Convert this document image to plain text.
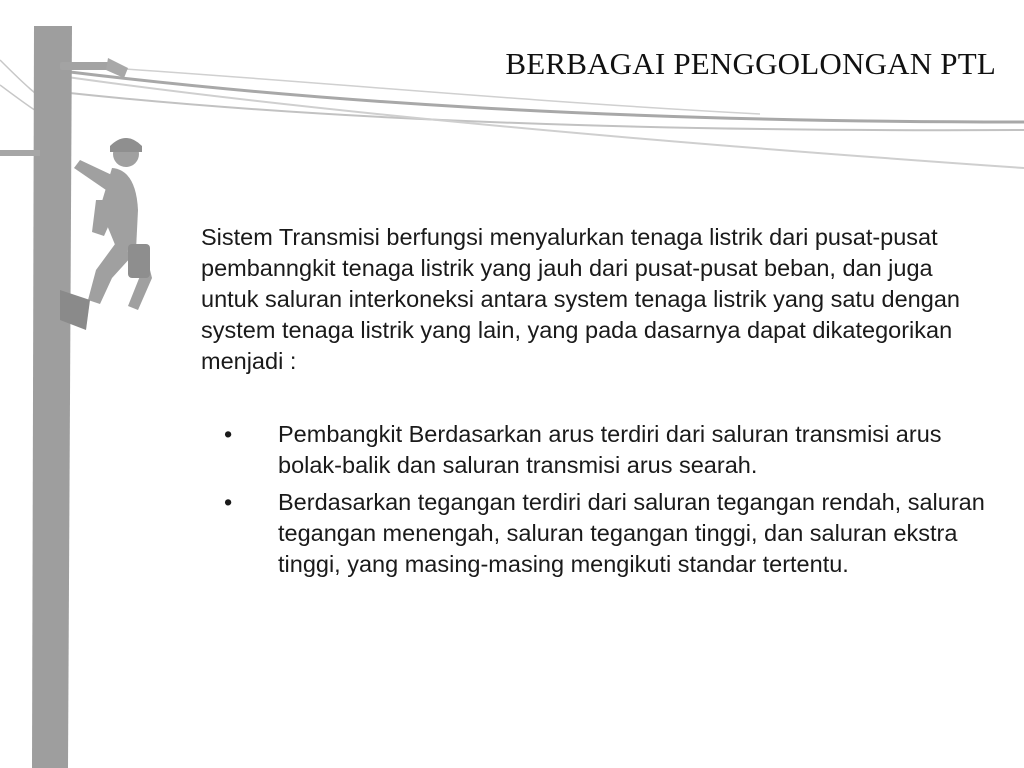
BERBAGAI PENGGOLONGAN PTL

Sistem Transmisi berfungsi menyalurkan tenaga listrik dari pusat-pusat pembanngkit tenaga listrik yang jauh dari pusat-pusat beban, dan juga untuk saluran interkoneksi antara system tenaga listrik yang satu dengan system tenaga listrik yang lain, yang pada dasarnya dapat dikategorikan menjadi :

• Pembangkit Berdasarkan arus terdiri dari saluran transmisi arus bolak-balik dan saluran transmisi arus searah.
• Berdasarkan tegangan terdiri dari saluran tegangan rendah, saluran tegangan menengah, saluran tegangan tinggi, dan saluran ekstra tinggi, yang masing-masing mengikuti standar tertentu.
